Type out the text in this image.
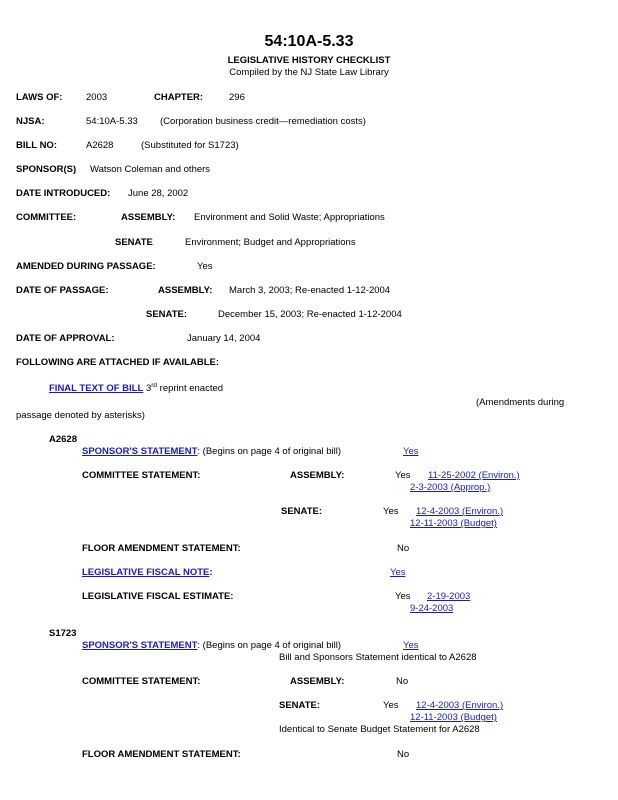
54:10A-5.33
LEGISLATIVE HISTORY CHECKLIST
Compiled by the NJ State Law Library
LAWS OF: 2003	CHAPTER:	296
NJSA:	54:10A-5.33 (Corporation business credit—remediation costs)
BILL NO:	A2628	(Substituted for S1723)
SPONSOR(S) Watson Coleman and others
DATE INTRODUCED: June 28, 2002
COMMITTEE:	ASSEMBLY: Environment and Solid Waste; Appropriations
SENATE	Environment; Budget and Appropriations
AMENDED DURING PASSAGE:	Yes
DATE OF PASSAGE:	ASSEMBLY: March 3, 2003; Re-enacted 1-12-2004
SENATE:	December 15, 2003; Re-enacted 1-12-2004
DATE OF APPROVAL:	January 14, 2004
FOLLOWING ARE ATTACHED IF AVAILABLE:
FINAL TEXT OF BILL 3rd reprint enacted
(Amendments during
passage denoted by asterisks)
A2628
SPONSOR'S STATEMENT: (Begins on page 4 of original bill)	Yes
COMMITTEE STATEMENT:	ASSEMBLY:	Yes 11-25-2002 (Environ.)
2-3-2003 (Approp.)
SENATE:	Yes 12-4-2003 (Environ.)
12-11-2003 (Budget)
FLOOR AMENDMENT STATEMENT:	No
LEGISLATIVE FISCAL NOTE:	Yes
LEGISLATIVE FISCAL ESTIMATE:	Yes 2-19-2003
9-24-2003
S1723
SPONSOR'S STATEMENT: (Begins on page 4 of original bill)	Yes
Bill and Sponsors Statement identical to A2628
COMMITTEE STATEMENT:	ASSEMBLY:	No
SENATE:	Yes 12-4-2003 (Environ.)
12-11-2003 (Budget)
Identical to Senate Budget Statement for A2628
FLOOR AMENDMENT STATEMENT:	No
